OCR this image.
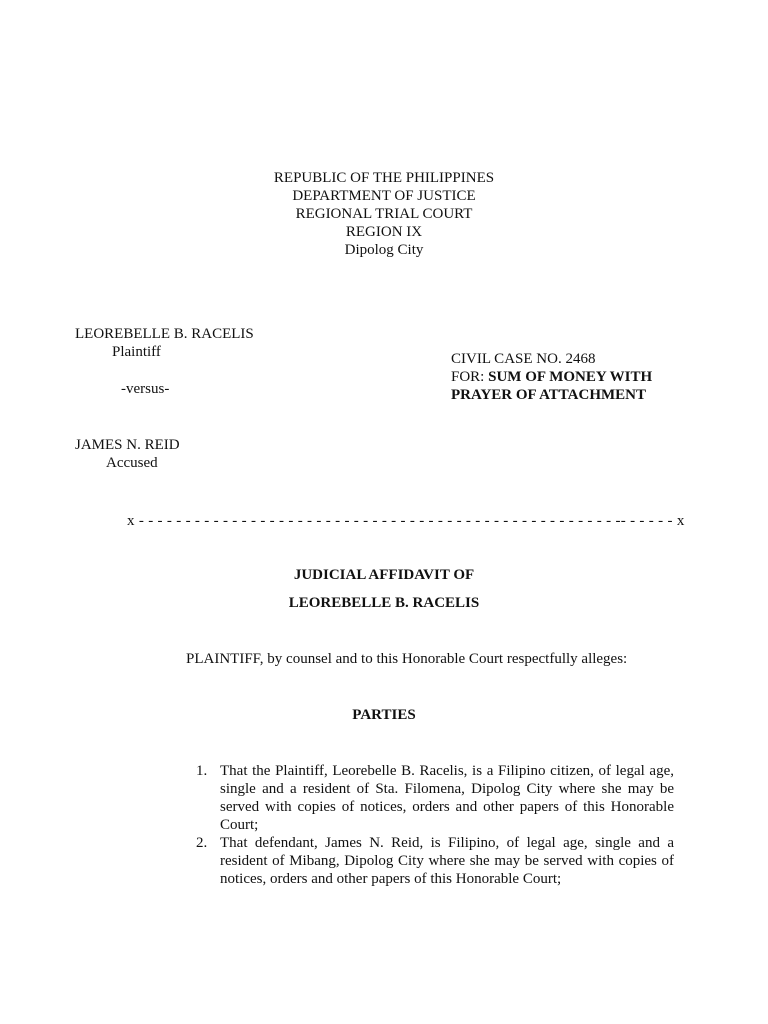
REPUBLIC OF THE PHILIPPINES
DEPARTMENT OF JUSTICE
REGIONAL TRIAL COURT
REGION IX
Dipolog City
LEOREBELLE B. RACELIS
Plaintiff
-versus-
JAMES N. REID
Accused
CIVIL CASE NO. 2468
FOR: SUM OF MONEY WITH
PRAYER OF ATTACHMENT
x - - - - - - - - - - - - - - - - - - - - - - - - - - - - - - - - - - - - - - - - - - - - - - - - - - - -- - - - - - x
JUDICIAL AFFIDAVIT OF
LEOREBELLE B. RACELIS
PLAINTIFF, by counsel and to this Honorable Court respectfully alleges:
PARTIES
1. That the Plaintiff, Leorebelle B. Racelis, is a Filipino citizen, of legal age, single and a resident of Sta. Filomena, Dipolog City where she may be served with copies of notices, orders and other papers of this Honorable Court;
2. That defendant, James N. Reid, is Filipino, of legal age, single and a resident of Mibang, Dipolog City where she may be served with copies of notices, orders and other papers of this Honorable Court;
